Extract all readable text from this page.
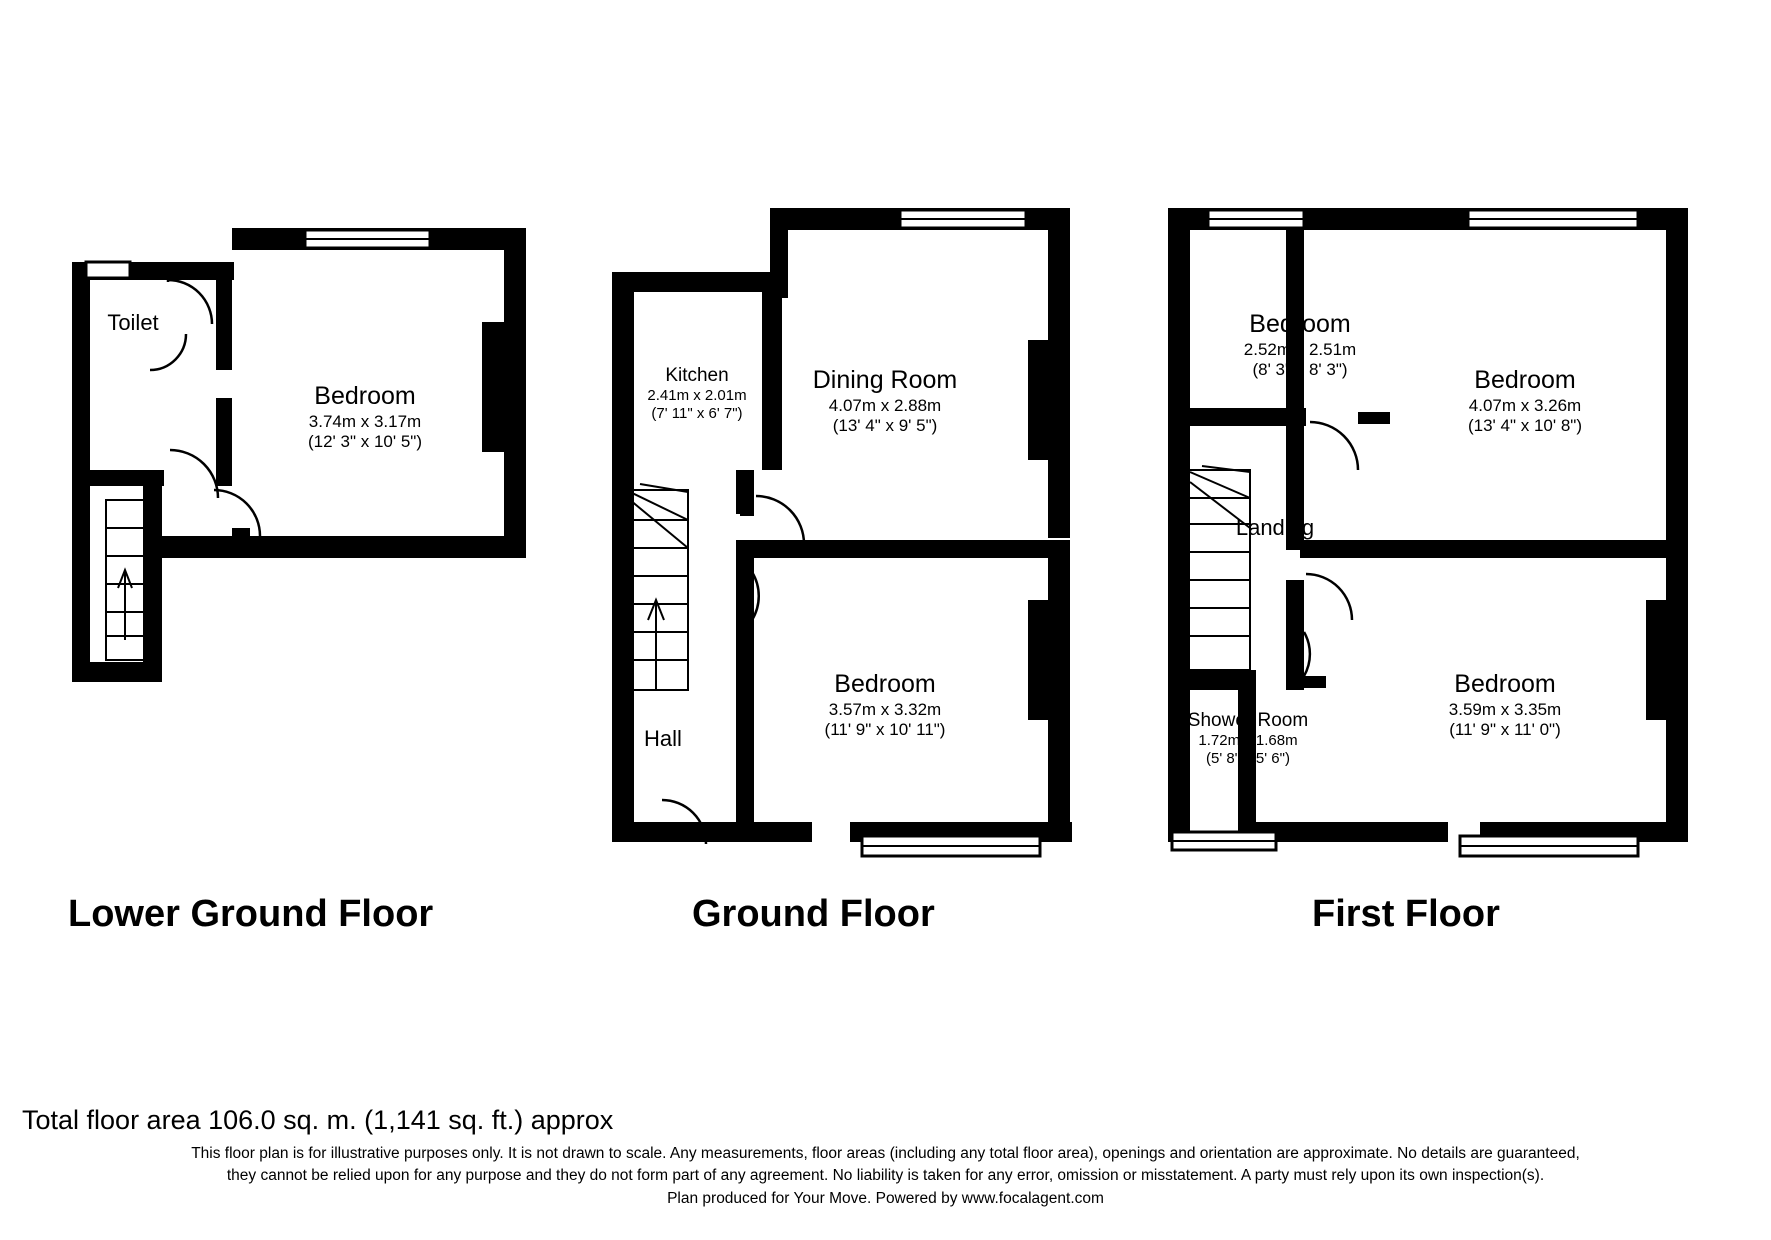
Toilet
Bedroom
3.74m x 3.17m
(12' 3" x 10' 5")
Lower Ground Floor
Kitchen
2.41m x 2.01m
(7' 11" x 6' 7")
Dining Room
4.07m x 2.88m
(13' 4" x 9' 5")
Bedroom
3.57m x 3.32m
(11' 9" x 10' 11")
Hall
Ground Floor
Bedroom
2.52m x 2.51m
(8' 3" x 8' 3")	Bedroom
4.07m x 3.26m
(13' 4" x 10' 8")
Landing
Shower Room
1.72m x 1.68m
(5' 8" x 5' 6")
Bedroom
3.59m x 3.35m
(11' 9" x 11' 0")
First Floor
Total floor area 106.0 sq. m. (1,141 sq. ft.) approx
This floor plan is for illustrative purposes only. It is not drawn to scale. Any measurements, floor areas (including any total floor area), openings and orientation are approximate. No details are guaranteed,
they cannot be relied upon for any purpose and they do not form part of any agreement. No liability is taken for any error, omission or misstatement. A party must rely upon its own inspection(s).
Plan produced for Your Move. Powered by www.focalagent.com
